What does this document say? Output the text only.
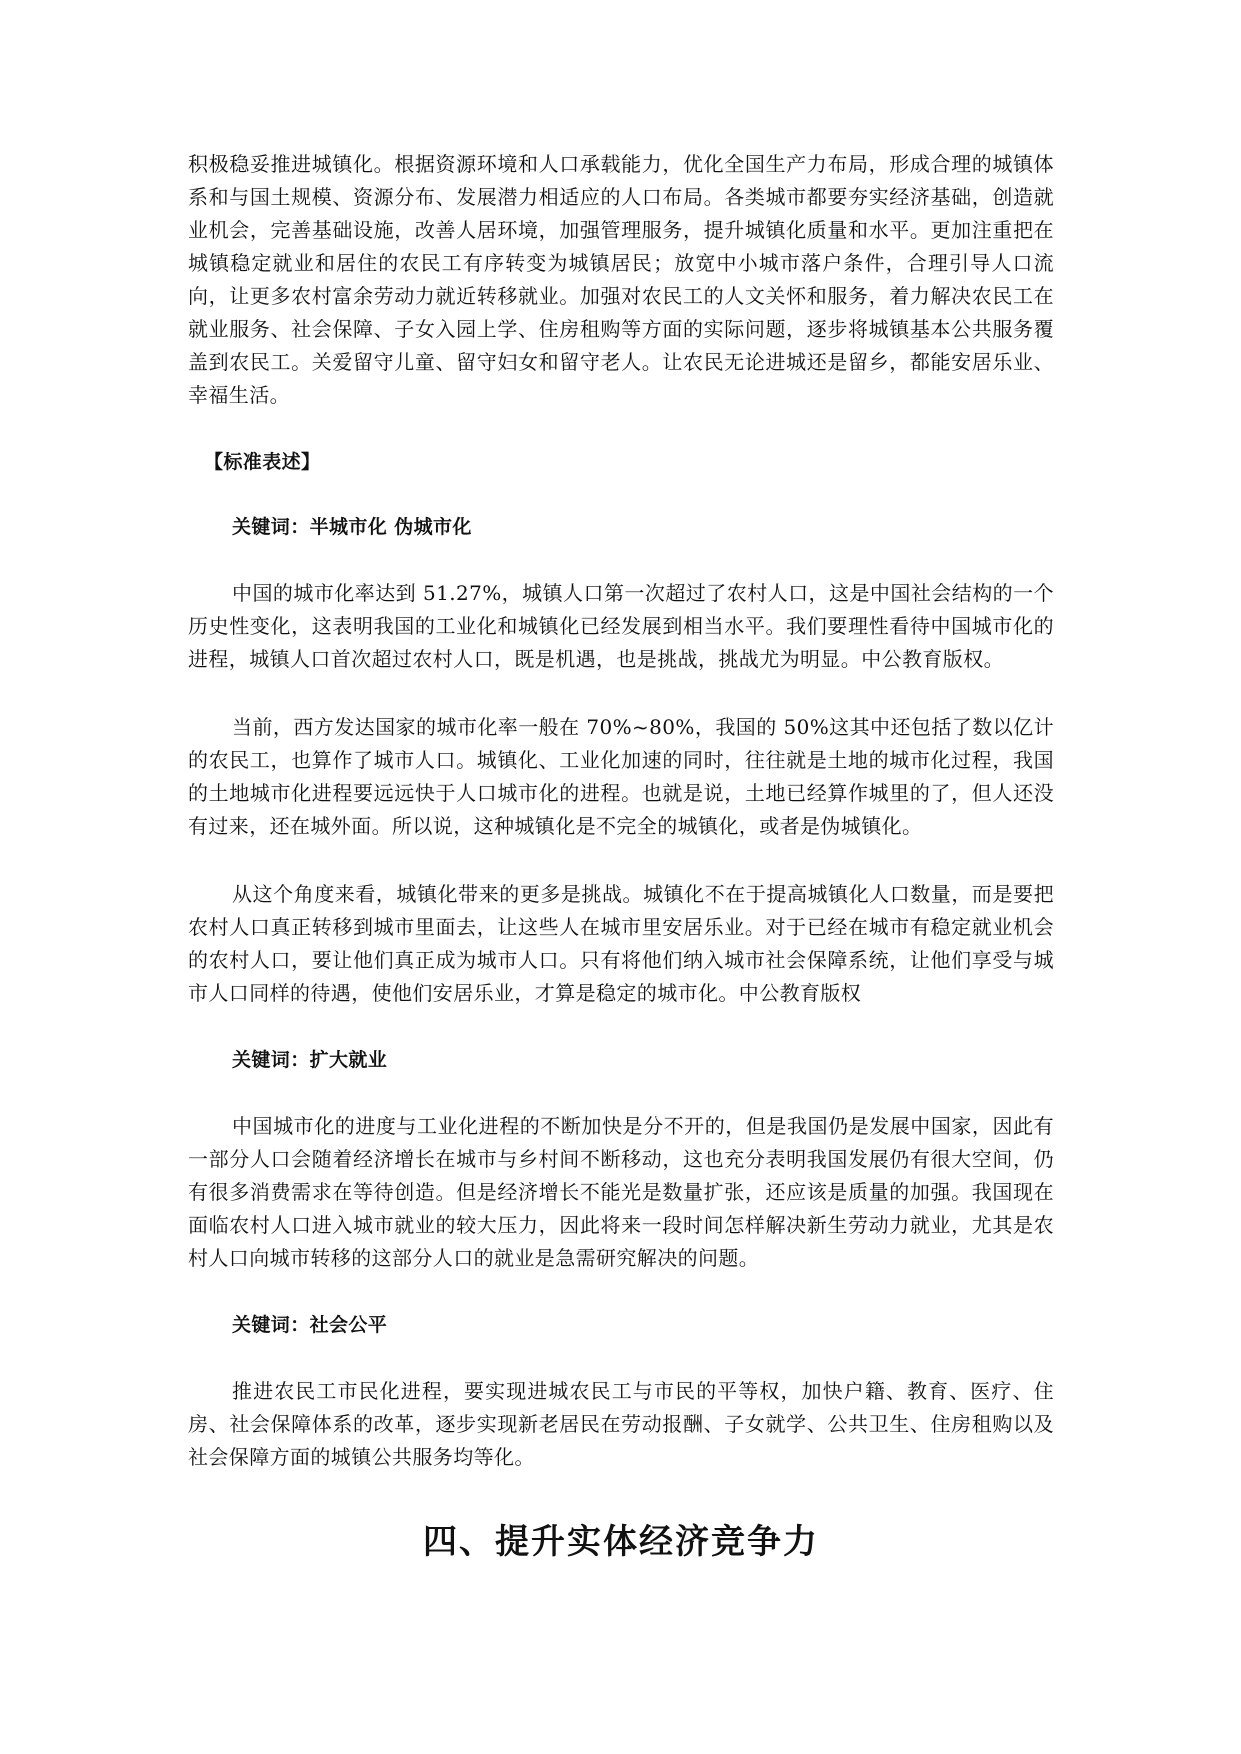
积极稳妥推进城镇化。根据资源环境和人口承载能力，优化全国生产力布局，形成合理的城镇体系和与国土规模、资源分布、发展潜力相适应的人口布局。各类城市都要夯实经济基础，创造就业机会，完善基础设施，改善人居环境，加强管理服务，提升城镇化质量和水平。更加注重把在城镇稳定就业和居住的农民工有序转变为城镇居民；放宽中小城市落户条件，合理引导人口流向，让更多农村富余劳动力就近转移就业。加强对农民工的人文关怀和服务，着力解决农民工在就业服务、社会保障、子女入园上学、住房租购等方面的实际问题，逐步将城镇基本公共服务覆盖到农民工。关爱留守儿童、留守妇女和留守老人。让农民无论进城还是留乡，都能安居乐业、幸福生活。

【标准表述】

关键词：半城市化 伪城市化

中国的城市化率达到 51.27%，城镇人口第一次超过了农村人口，这是中国社会结构的一个历史性变化，这表明我国的工业化和城镇化已经发展到相当水平。我们要理性看待中国城市化的进程，城镇人口首次超过农村人口，既是机遇，也是挑战，挑战尤为明显。中公教育版权。

当前，西方发达国家的城市化率一般在 70%~80%，我国的 50%这其中还包括了数以亿计的农民工，也算作了城市人口。城镇化、工业化加速的同时，往往就是土地的城市化过程，我国的土地城市化进程要远远快于人口城市化的进程。也就是说，土地已经算作城里的了，但人还没有过来，还在城外面。所以说，这种城镇化是不完全的城镇化，或者是伪城镇化。

从这个角度来看，城镇化带来的更多是挑战。城镇化不在于提高城镇化人口数量，而是要把农村人口真正转移到城市里面去，让这些人在城市里安居乐业。对于已经在城市有稳定就业机会的农村人口，要让他们真正成为城市人口。只有将他们纳入城市社会保障系统，让他们享受与城市人口同样的待遇，使他们安居乐业，才算是稳定的城市化。中公教育版权

关键词：扩大就业

中国城市化的进度与工业化进程的不断加快是分不开的，但是我国仍是发展中国家，因此有一部分人口会随着经济增长在城市与乡村间不断移动，这也充分表明我国发展仍有很大空间，仍有很多消费需求在等待创造。但是经济增长不能光是数量扩张，还应该是质量的加强。我国现在面临农村人口进入城市就业的较大压力，因此将来一段时间怎样解决新生劳动力就业，尤其是农村人口向城市转移的这部分人口的就业是急需研究解决的问题。

关键词：社会公平

推进农民工市民化进程，要实现进城农民工与市民的平等权，加快户籍、教育、医疗、住房、社会保障体系的改革，逐步实现新老居民在劳动报酬、子女就学、公共卫生、住房租购以及社会保障方面的城镇公共服务均等化。

四、提升实体经济竞争力
